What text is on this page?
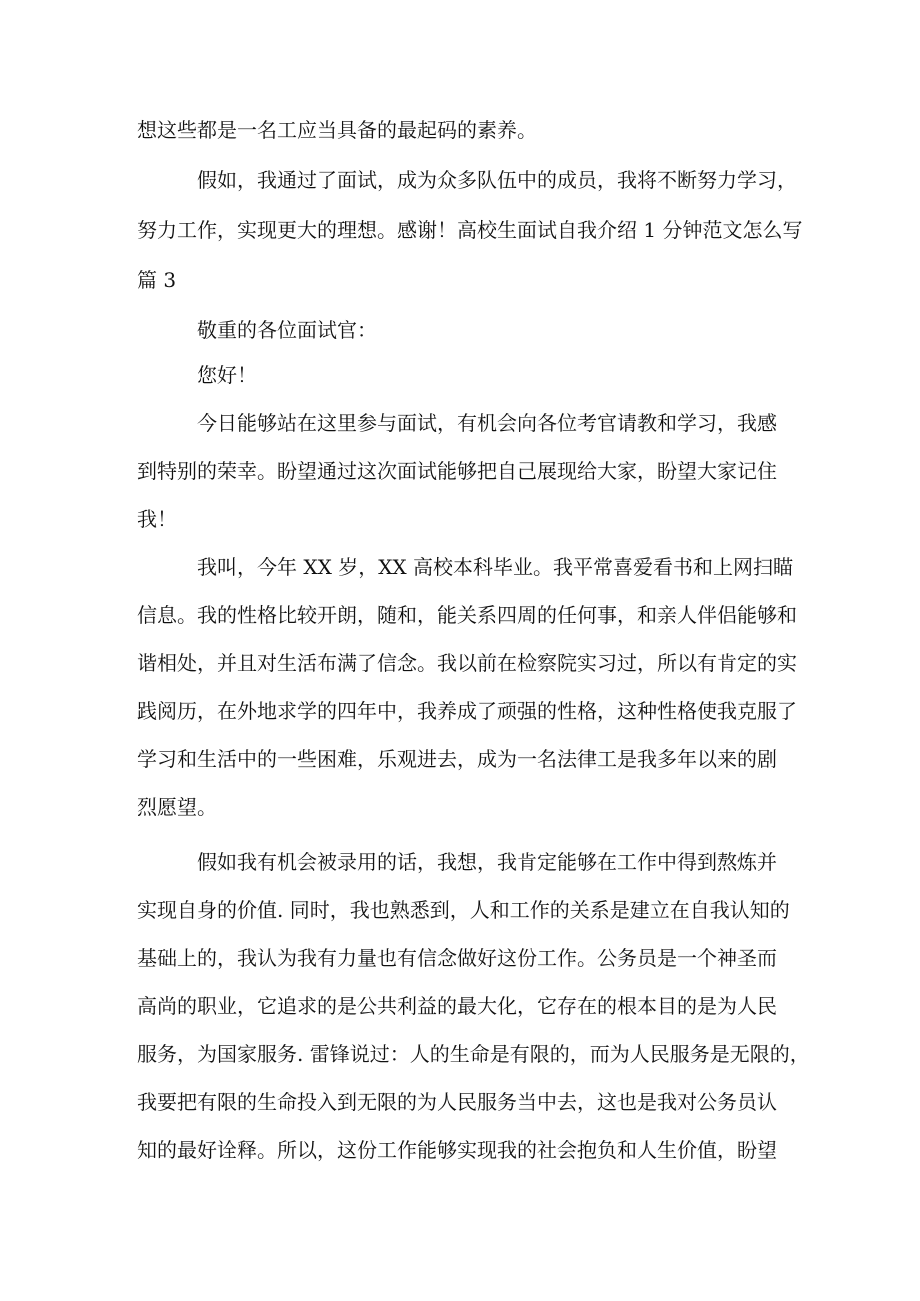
想这些都是一名工应当具备的最起码的素养。
假如，我通过了面试，成为众多队伍中的成员，我将不断努力学习，
努力工作，实现更大的理想。感谢！高校生面试自我介绍 1 分钟范文怎么写
篇 3
敬重的各位面试官：
您好！
今日能够站在这里参与面试，有机会向各位考官请教和学习，我感
到特别的荣幸。盼望通过这次面试能够把自己展现给大家，盼望大家记住
我！
我叫，今年 XX 岁，XX 高校本科毕业。我平常喜爱看书和上网扫瞄
信息。我的性格比较开朗，随和，能关系四周的任何事，和亲人伴侣能够和
谐相处，并且对生活布满了信念。我以前在检察院实习过，所以有肯定的实
践阅历，在外地求学的四年中，我养成了顽强的性格，这种性格使我克服了
学习和生活中的一些困难，乐观进去，成为一名法律工是我多年以来的剧
烈愿望。
假如我有机会被录用的话，我想，我肯定能够在工作中得到熬炼并
实现自身的价值. 同时，我也熟悉到，人和工作的关系是建立在自我认知的
基础上的，我认为我有力量也有信念做好这份工作。公务员是一个神圣而
高尚的职业，它追求的是公共利益的最大化，它存在的根本目的是为人民
服务，为国家服务. 雷锋说过：人的生命是有限的，而为人民服务是无限的，
我要把有限的生命投入到无限的为人民服务当中去，这也是我对公务员认
知的最好诠释。所以，这份工作能够实现我的社会抱负和人生价值，盼望
